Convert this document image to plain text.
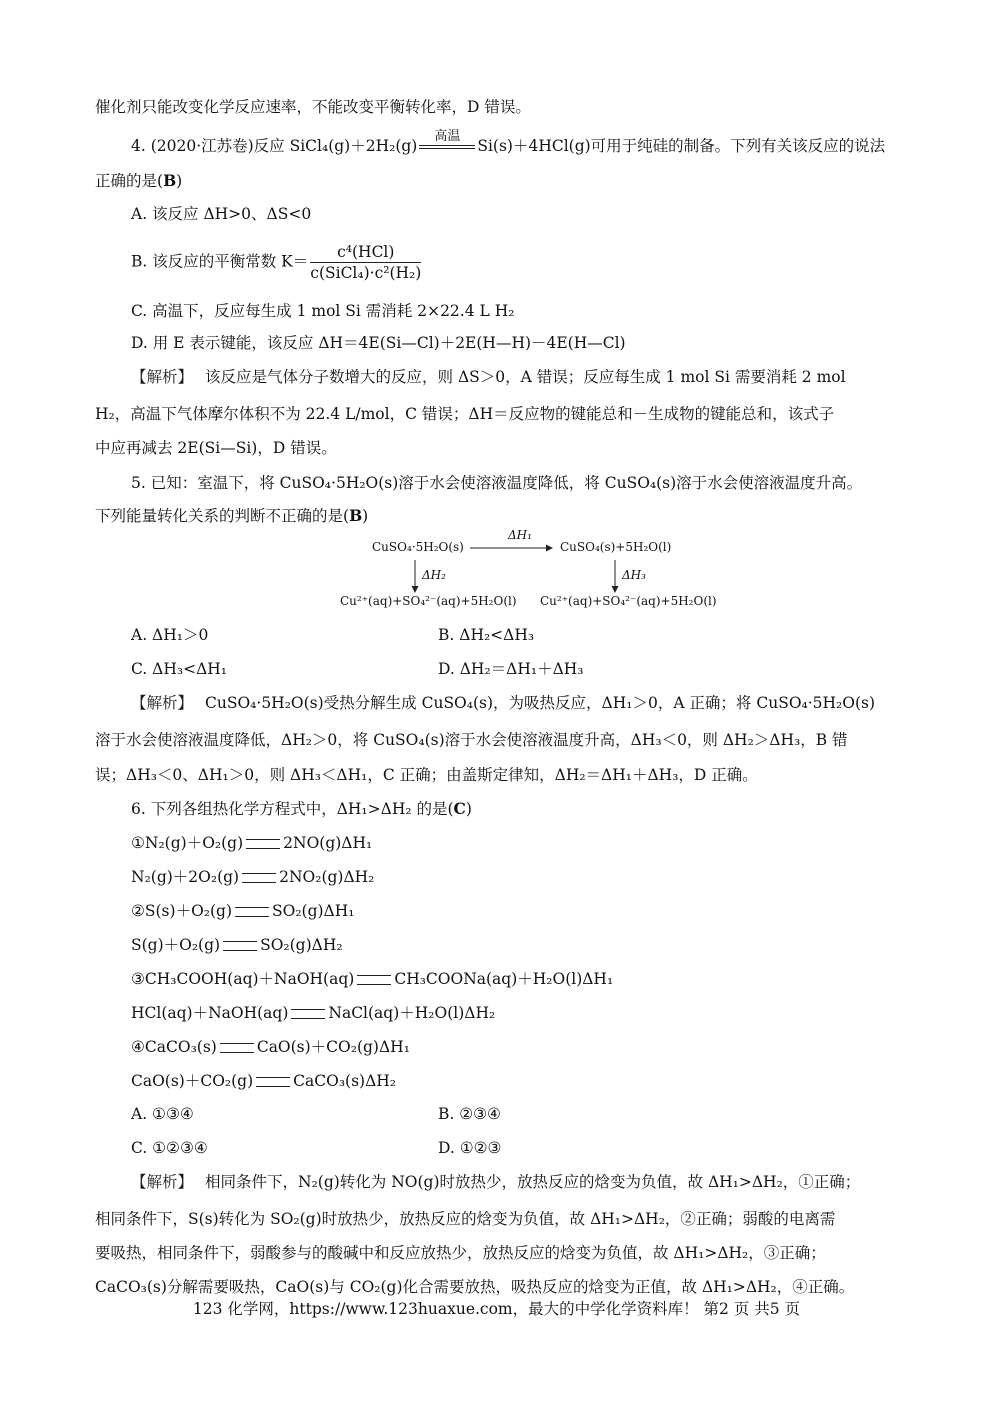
催化剂只能改变化学反应速率，不能改变平衡转化率，D 错误。
4. (2020·江苏卷)反应 SiCl₄(g)＋2H₂(g)
高温
Si(s)＋4HCl(g)可用于纯硅的制备。下列有关该反应的说法
正确的是(B)
A. 该反应 ΔH>0、ΔS<0
B. 该反应的平衡常数 $K= \frac{\text{c⁴(HCl)}}{\text{c(SiCl₄)·c²(H₂)}}$
C. 高温下，反应每生成 1 mol Si 需消耗 2×22.4 L H₂
D. 用 E 表示键能，该反应 ΔH＝4E(Si—Cl)＋2E(H—H)－4E(H—Cl)
【解析】 该反应是气体分子数增大的反应，则 ΔS＞0，A 错误；反应每生成 1 mol Si 需要消耗 2 mol
H₂，高温下气体摩尔体积不为 22.4 L/mol，C 错误；ΔH＝反应物的键能总和－生成物的键能总和，该式子
中应再减去 2E(Si—Si)，D 错误。
5. 已知：室温下，将 CuSO₄·5H₂O(s)溶于水会使溶液温度降低，将 CuSO₄(s)溶于水会使溶液温度升高。
下列能量转化关系的判断不正确的是(B)
CuSO₄·5H₂O(s)	CuSO₄(s)+5H₂O(l)
Cu²⁺(aq)+SO₄²⁻(aq)+5H₂O(l) Cu²⁺(aq)+SO₄²⁻(aq)+5H₂O(l)
ΔH₁
ΔH₂	ΔH₃
A. ΔH₁＞0	B. ΔH₂<ΔH₃
C. ΔH₃<ΔH₁	D. ΔH₂＝ΔH₁＋ΔH₃
【解析】 CuSO₄·5H₂O(s)受热分解生成 CuSO₄(s)，为吸热反应，ΔH₁＞0，A 正确；将 CuSO₄·5H₂O(s)
溶于水会使溶液温度降低，ΔH₂＞0，将 CuSO₄(s)溶于水会使溶液温度升高，ΔH₃＜0，则 ΔH₂＞ΔH₃，B 错
误；ΔH₃＜0、ΔH₁＞0，则 ΔH₃＜ΔH₁，C 正确；由盖斯定律知，ΔH₂＝ΔH₁＋ΔH₃，D 正确。
6. 下列各组热化学方程式中，ΔH₁>ΔH₂ 的是(C)
①N₂(g)＋O₂(g)	2NO(g)ΔH₁
N₂(g)＋2O₂(g)	2NO₂(g)ΔH₂
②S(s)＋O₂(g)	SO₂(g)ΔH₁
S(g)＋O₂(g)	SO₂(g)ΔH₂
③CH₃COOH(aq)＋NaOH(aq)	CH₃COONa(aq)＋H₂O(l)ΔH₁
HCl(aq)＋NaOH(aq)	NaCl(aq)＋H₂O(l)ΔH₂
④CaCO₃(s)	CaO(s)＋CO₂(g)ΔH₁
CaO(s)＋CO₂(g)	CaCO₃(s)ΔH₂
A. ①③④	B. ②③④
C. ①②③④	D. ①②③
【解析】 相同条件下，N₂(g)转化为 NO(g)时放热少，放热反应的焓变为负值，故 ΔH₁>ΔH₂，①正确；
相同条件下，S(s)转化为 SO₂(g)时放热少，放热反应的焓变为负值，故 ΔH₁>ΔH₂，②正确；弱酸的电离需
要吸热，相同条件下，弱酸参与的酸碱中和反应放热少，放热反应的焓变为负值，故 ΔH₁>ΔH₂，③正确；
CaCO₃(s)分解需要吸热，CaO(s)与 CO₂(g)化合需要放热，吸热反应的焓变为正值，故 ΔH₁>ΔH₂，④正确。
123 化学网，https://www.123huaxue.com，最大的中学化学资料库！ 第2 页 共5 页
